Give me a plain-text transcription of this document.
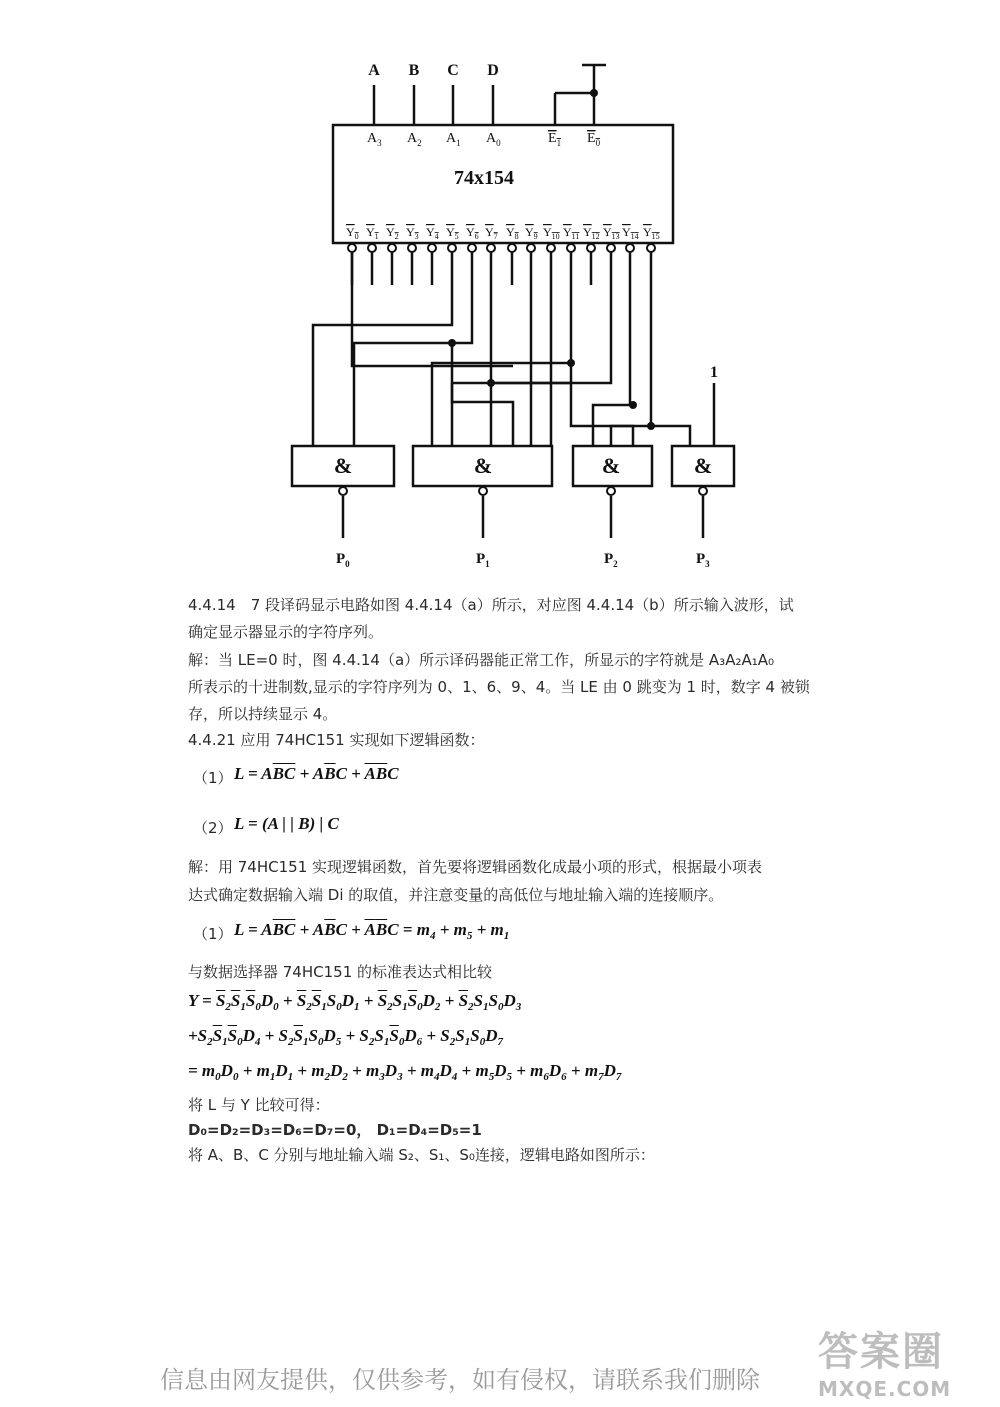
A B C D
74x154
1
&	&	&	&
$A_3$ $A_2$ $A_1$ $A_0$	$E_1$ $E_0$
$Y_0$ $Y_1$ $Y_2$ $Y_3$ $Y_4$ $Y_5$ $Y_6$ $Y_7$ $Y_8$ $Y_9$ $Y_{10}$ $Y_{11}$ $Y_{12}$ $Y_{13}$ $Y_{14}$ $Y_{15}$
$P_0$	$P_1$	$P_2$	$P_3$
4.4.14　7 段译码显示电路如图 4.4.14（a）所示，对应图 4.4.14（b）所示输入波形，试
确定显示器显示的字符序列。
解：当 LE=0 时，图 4.4.14（a）所示译码器能正常工作，所显示的字符就是 A₃A₂A₁A₀
所表示的十进制数,显示的字符序列为 0、1、6、9、4。当 LE 由 0 跳变为 1 时，数字 4 被锁
存，所以持续显示 4。
4.4.21 应用 74HC151 实现如下逻辑函数：
（1） $L = A\overline{BC} + A\overline{B}C + \overline{A}\overline{B}C$
（2） L = (A | | B) | C
解：用 74HC151 实现逻辑函数，首先要将逻辑函数化成最小项的形式，根据最小项表
达式确定数据输入端 Di 的取值，并注意变量的高低位与地址输入端的连接顺序。
（1） $L = A\overline{BC} + A\overline{B}C + \overline{A}\overline{B}C = m_4 + m_5 + m_1$
与数据选择器 74HC151 的标准表达式相比较
$Y = \overline{S}_2\overline{S}_1\overline{S}_0D_0 + \overline{S}_2\overline{S}_1S_0D_1 + \overline{S}_2S_1\overline{S}_0D_2 + \overline{S}_2S_1S_0D_3$
$+S_2\overline{S}_1\overline{S}_0D_4 + S_2\overline{S}_1S_0D_5 + S_2S_1\overline{S}_0D_6 + S_2S_1S_0D_7$
= $m_0D_0 + m_1D_1 + m_2D_2 + m_3D_3 + m_4D_4 + m_5D_5 + m_6D_6 + m_7D_7$
将 L 与 Y 比较可得：
D₀=D₂=D₃=D₆=D₇=0， D₁=D₄=D₅=1
将 A、B、C 分别与地址输入端 S₂、S₁、S₀连接，逻辑电路如图所示：
信息由网友提供，仅供参考，如有侵权，请联系我们删除
答案圈
MXQE.COM
